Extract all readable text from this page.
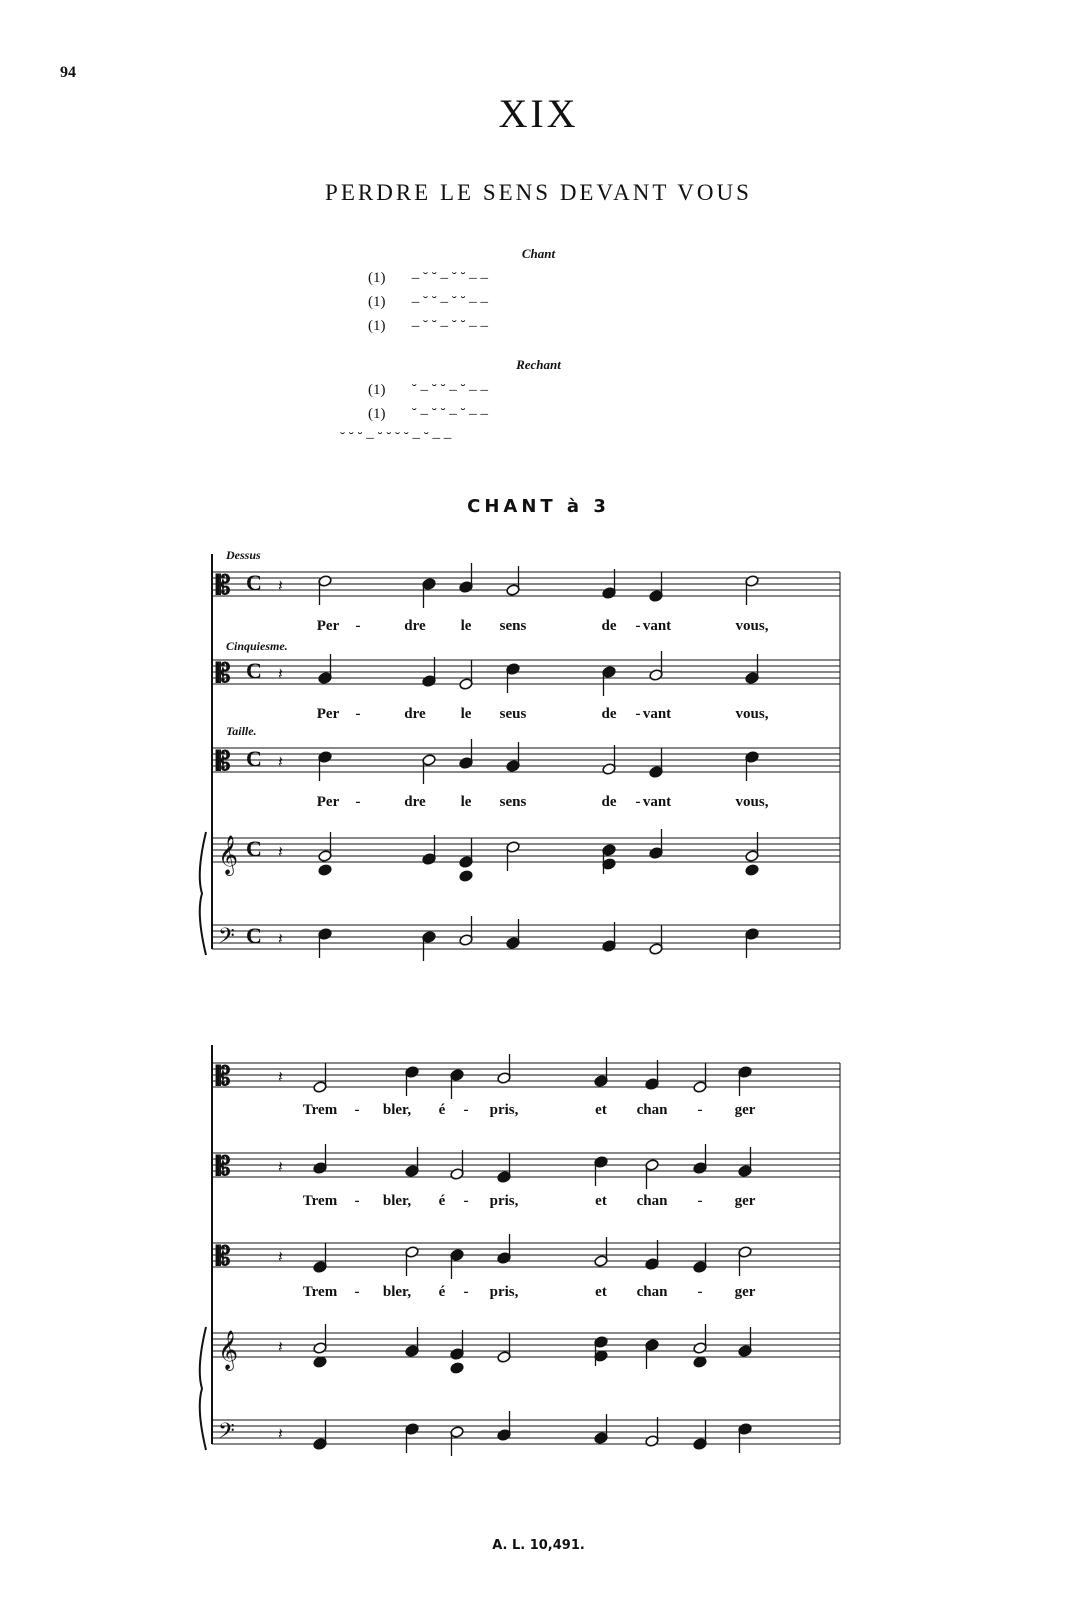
94
XIX
PERDRE LE SENS DEVANT VOUS
Chant
(1) – ˘ ˘ – ˘ ˘ – –
(1) – ˘ ˘ – ˘ ˘ – –
(1) – ˘ ˘ – ˘ ˘ – –
Rechant
(1) ˘ – ˘ ˘ – ˘ – –
(1) ˘ – ˘ ˘ – ˘ – –
˘ ˘ ˘ – ˘ ˘ ˘ ˘ – ˘ – –
CHANT à 3
𝄡 C 𝄽
𝄡 C 𝄽
𝄡 C 𝄽
𝄞 C 𝄽
𝄢 C 𝄽
Dessus
Cinquiesme.
Taille.
Per -	dre le sens	de - vant	vous,
Per -	dre le seus	de - vant	vous,
Per -	dre le sens	de - vant	vous,
𝄡	𝄽
𝄡	𝄽
𝄡	𝄽
𝄞 𝄽
𝄢	𝄽
Trem - bler, é - pris,	et chan - ger
Trem - bler, é - pris,	et chan - ger
Trem - bler, é - pris,	et chan - ger
A. L. 10,491.
